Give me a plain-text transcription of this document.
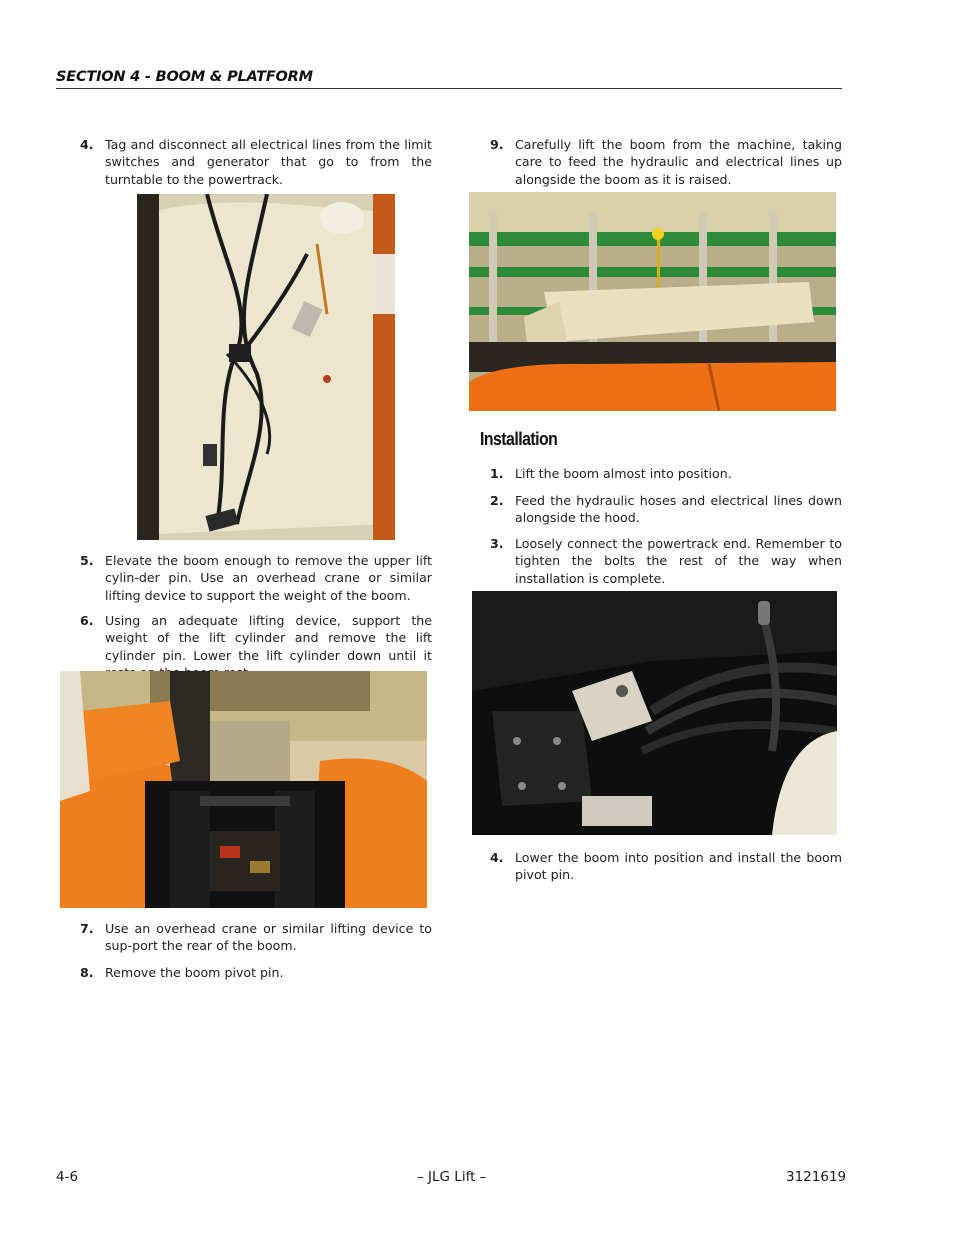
SECTION 4 - BOOM & PLATFORM
4. Tag and disconnect all electrical lines from the limit switches and generator that go to from the turntable to the powertrack.
5. Elevate the boom enough to remove the upper lift cylin-der pin. Use an overhead crane or similar lifting device to support the weight of the boom.
6. Using an adequate lifting device, support the weight of the lift cylinder and remove the lift cylinder pin. Lower the lift cylinder down until it
7. Use an overhead crane or similar lifting device to sup-port the rear of the boom.
8. Remove the boom pivot pin.
9. Carefully lift the boom from the machine, taking care to feed the hydraulic and electrical lines up alongside the boom as it is raised.
Installation
1. Lift the boom almost into position.
2. Feed the hydraulic hoses and electrical lines down alongside the hood.
3. Loosely connect the powertrack end. Remember to tighten the bolts the rest of the way when installation is complete.
4. Lower the boom into position and install the boom pivot pin.
4-6	– JLG Lift –	3121619
